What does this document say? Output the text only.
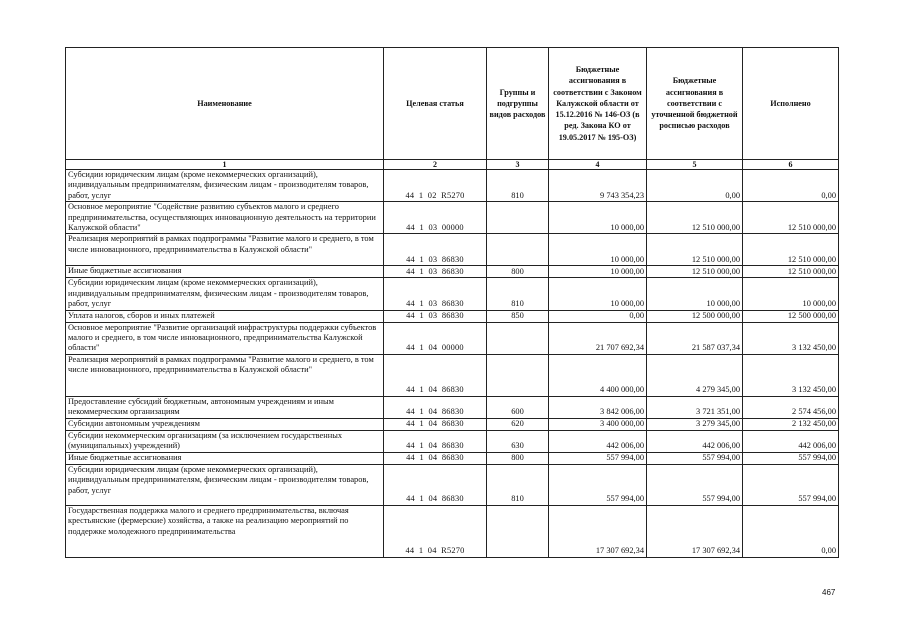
Наименование	Целевая статья	Группы и подгруппы видов расходов	Бюджетные ассигнования в соответствии с Законом Калужской области от 15.12.2016 № 146-ОЗ (в ред. Закона КО от 19.05.2017 № 195-ОЗ)	Бюджетные ассигнования в соответствии с уточненной бюджетной росписью расходов	Исполнено
1	2	3	4	5	6
Субсидии юридическим лицам (кроме некоммерческих организаций), индивидуальным предпринимателям, физическим лицам - производителям товаров, работ, услуг	44  1  02  R5270	810	9 743 354,23	0,00	0,00
Основное мероприятие "Содействие развитию субъектов малого и среднего предпринимательства, осуществляющих инновационную деятельность на территории Калужской области"	44  1  03  00000		10 000,00	12 510 000,00	12 510 000,00
Реализация мероприятий в рамках подпрограммы "Развитие малого и среднего, в том числе инновационного, предпринимательства в Калужской области"	44  1  03  86830		10 000,00	12 510 000,00	12 510 000,00
Иные бюджетные ассигнования	44  1  03  86830	800	10 000,00	12 510 000,00	12 510 000,00
Субсидии юридическим лицам (кроме некоммерческих организаций), индивидуальным предпринимателям, физическим лицам - производителям товаров, работ, услуг	44  1  03  86830	810	10 000,00	10 000,00	10 000,00
Уплата налогов, сборов и иных платежей	44  1  03  86830	850	0,00	12 500 000,00	12 500 000,00
Основное мероприятие "Развитие организаций инфраструктуры поддержки субъектов малого и среднего, в том числе инновационного, предпринимательства Калужской области"	44  1  04  00000		21 707 692,34	21 587 037,34	3 132 450,00
Реализация мероприятий в рамках подпрограммы "Развитие малого и среднего, в том числе инновационного, предпринимательства в Калужской области"	44  1  04  86830		4 400 000,00	4 279 345,00	3 132 450,00
Предоставление субсидий бюджетным, автономным учреждениям и иным некоммерческим организациям	44  1  04  86830	600	3 842 006,00	3 721 351,00	2 574 456,00
Субсидии автономным учреждениям	44  1  04  86830	620	3 400 000,00	3 279 345,00	2 132 450,00
Субсидии некоммерческим организациям (за исключением государственных (муниципальных) учреждений)	44  1  04  86830	630	442 006,00	442 006,00	442 006,00
Иные бюджетные ассигнования	44  1  04  86830	800	557 994,00	557 994,00	557 994,00
Субсидии юридическим лицам (кроме некоммерческих организаций), индивидуальным предпринимателям, физическим лицам - производителям товаров, работ, услуг	44  1  04  86830	810	557 994,00	557 994,00	557 994,00
Государственная поддержка малого и среднего предпринимательства, включая крестьянские (фермерские) хозяйства, а также на реализацию мероприятий по поддержке молодежного предпринимательства	44  1  04  R5270		17 307 692,34	17 307 692,34	0,00
467
